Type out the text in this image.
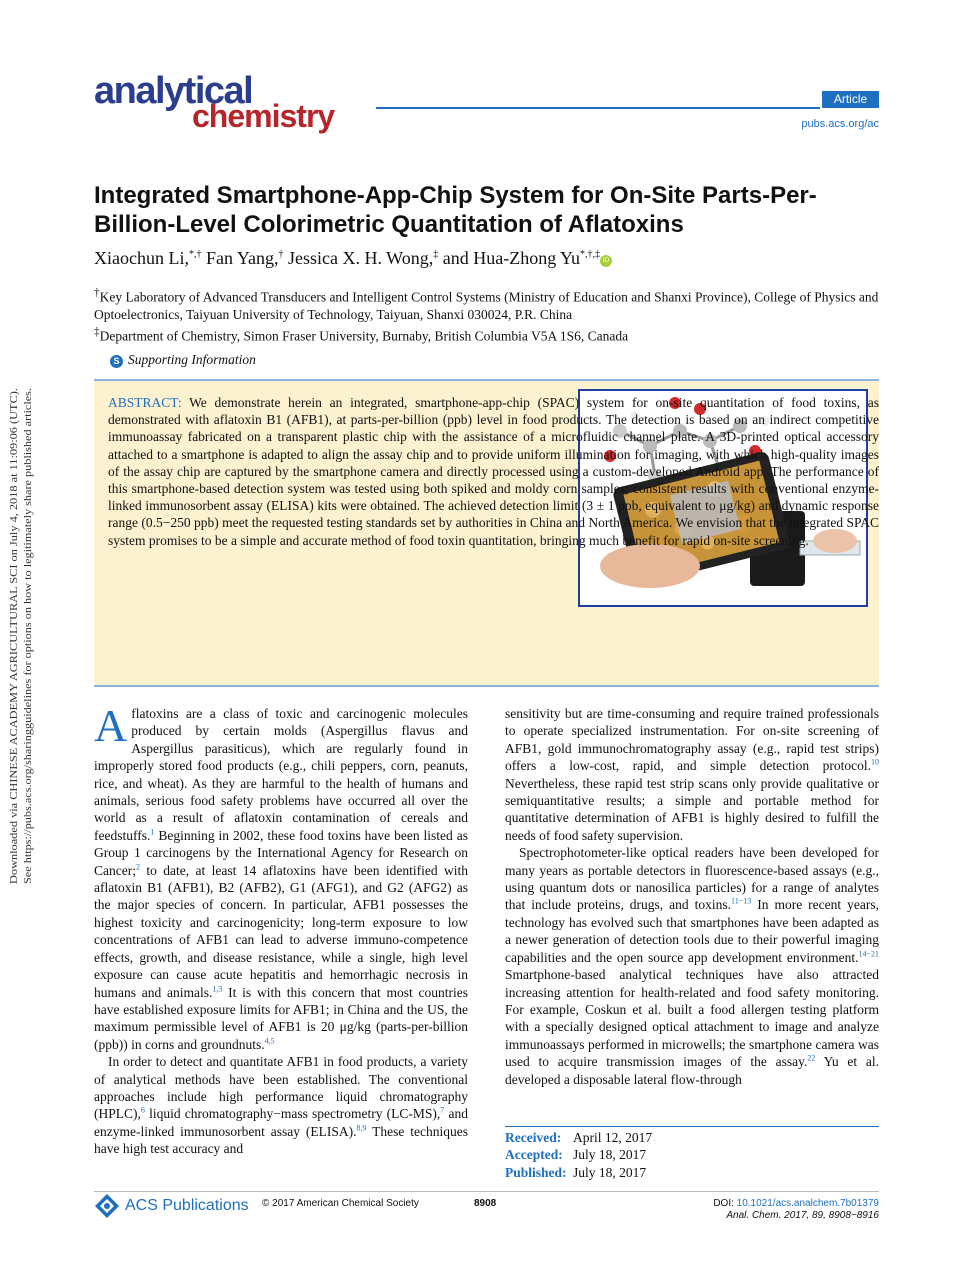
analytical
chemistry	Article
pubs.acs.org/ac
Integrated Smartphone-App-Chip System for On-Site Parts-Per-Billion-Level Colorimetric Quantitation of Aflatoxins
Xiaochun Li,*,† Fan Yang,† Jessica X. H. Wong,‡ and Hua-Zhong Yu*,†,‡iD
†Key Laboratory of Advanced Transducers and Intelligent Control Systems (Ministry of Education and Shanxi Province), College of Physics and Optoelectronics, Taiyuan University of Technology, Taiyuan, Shanxi 030024, P.R. China
‡Department of Chemistry, Simon Fraser University, Burnaby, British Columbia V5A 1S6, Canada
S Supporting Information
ABSTRACT: We demonstrate herein an integrated, smartphone-app-chip (SPAC) system for on-site quantitation of food toxins, as demonstrated with aflatoxin B1 (AFB1), at parts-per-billion (ppb) level in food products. The detection is based on an indirect competitive immunoassay fabricated on a transparent plastic chip with the assistance of a microfluidic channel plate. A 3D-printed optical accessory attached to a smartphone is adapted to align the assay chip and to provide uniform illumination for imaging, with which high-quality images of the assay chip are captured by the smartphone camera and directly processed using a custom-developed Android app. The performance of this smartphone-based detection system was tested using both spiked and moldy corn samples; consistent results with conventional enzyme-linked immunosorbent assay (ELISA) kits were obtained. The achieved detection limit (3 ± 1 ppb, equivalent to μg/kg) and dynamic response range (0.5−250 ppb) meet the requested testing standards set by authorities in China and North America. We envision that the integrated SPAC system promises to be a simple and accurate method of food toxin quantitation, bringing much benefit for rapid on-site screening.

Aflatoxins are a class of toxic and carcinogenic molecules produced by certain molds (Aspergillus flavus and Aspergillus parasiticus), which are regularly found in improperly stored food products (e.g., chili peppers, corn, peanuts, rice, and wheat). As they are harmful to the health of humans and animals, serious food safety problems have occurred all over the world as a result of aflatoxin contamination of cereals and feedstuffs.$^1$ Beginning in 2002, these food toxins have been listed as Group 1 carcinogens by the International Agency for Research on Cancer;$^2$ to date, at least 14 aflatoxins have been identified with aflatoxin B1 (AFB1), B2 (AFB2), G1 (AFG1), and G2 (AFG2) as the major species of concern. In particular, AFB1 possesses the highest toxicity and carcinogenicity; long-term exposure to low concentrations of AFB1 can lead to adverse immuno-competence effects, growth, and disease resistance, while a single, high level exposure can cause acute hepatitis and hemorrhagic necrosis in humans and animals.$^{1,3}$ It is with this concern that most countries have established exposure limits for AFB1; in China and the US, the maximum permissible level of AFB1 is 20 μg/kg (parts-per-billion (ppb)) in corns and groundnuts.$^{4,5}$

In order to detect and quantitate AFB1 in food products, a variety of analytical methods have been established. The conventional approaches include high performance liquid chromatography (HPLC),$^6$ liquid chromatography−mass spectrometry (LC-MS),$^7$ and enzyme-linked immunosorbent assay (ELISA).$^{8,9}$ These techniques have high test accuracy and

sensitivity but are time-consuming and require trained professionals to operate specialized instrumentation. For on-site screening of AFB1, gold immunochromatography assay (e.g., rapid test strips) offers a low-cost, rapid, and simple detection protocol.$^{10}$ Nevertheless, these rapid test strip scans only provide qualitative or semiquantitative results; a simple and portable method for quantitative determination of AFB1 is highly desired to fulfill the needs of food safety supervision.

Spectrophotometer-like optical readers have been developed for many years as portable detectors in fluorescence-based assays (e.g., using quantum dots or nanosilica particles) for a range of analytes that include proteins, drugs, and toxins.$^{11-13}$ In more recent years, technology has evolved such that smartphones have been adapted as a newer generation of detection tools due to their powerful imaging capabilities and the open source app development environment.$^{14-21}$ Smartphone-based analytical techniques have also attracted increasing attention for health-related and food safety monitoring. For example, Coskun et al. built a food allergen testing platform with a specially designed optical attachment to image and analyze immunoassays performed in microwells; the smartphone camera was used to acquire transmission images of the assay.$^{22}$ Yu et al. developed a disposable lateral flow-through

Received: April 12, 2017
Accepted: July 18, 2017
Published: July 18, 2017
Downloaded via CHINESE ACADEMY AGRICULTURAL SCI on July 4, 2018 at 11:09:06 (UTC). See https://pubs.acs.org/sharingguidelines for options on how to legitimately share published articles.
ACS Publications © 2017 American Chemical Society	8908	DOI: 10.1021/acs.analchem.7b01379
Anal. Chem. 2017, 89, 8908−8916
